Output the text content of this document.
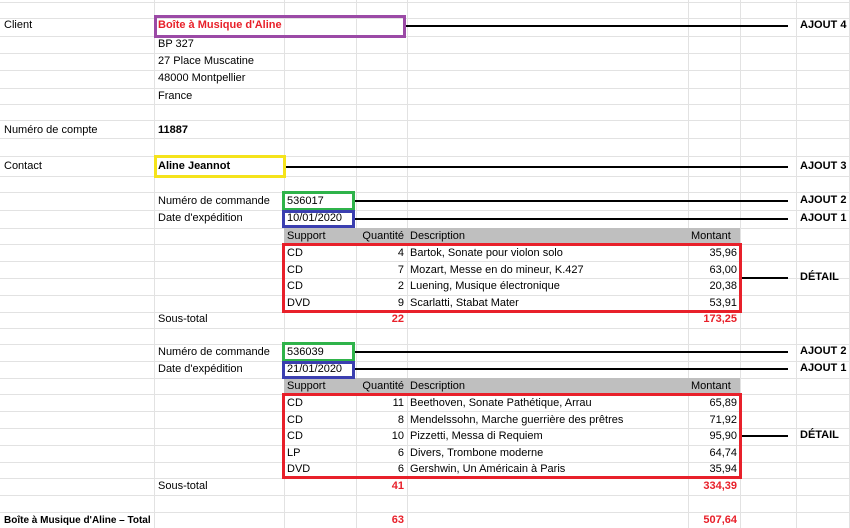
Client	Boîte à Musique d'Aline
BP 327
27 Place Muscatine
48000 Montpellier
France
Numéro de compte	11887
Contact	Aline Jeannot
Numéro de commande 536017
Date d'expédition	10/01/2020
Support	Quantité Description	Montant
CD	4 Bartok, Sonate pour violon solo	35,96
CD	7 Mozart, Messe en do mineur, K.427	63,00
CD	2 Luening, Musique électronique	20,38
DVD	9 Scarlatti, Stabat Mater	53,91
Sous-total	22	173,25
Numéro de commande 536039
Date d'expédition	21/01/2020
Support	Quantité Description	Montant
CD	11 Beethoven, Sonate Pathétique, Arrau	65,89
CD	8 Mendelssohn, Marche guerrière des prêtres	71,92
CD	10 Pizzetti, Messa di Requiem	95,90
LP	6 Divers, Trombone moderne	64,74
DVD	6 Gershwin, Un Américain à Paris	35,94
Sous-total	41	334,39
Boîte à Musique d'Aline – Total	63	507,64
AJOUT 4
AJOUT 3
AJOUT 2
AJOUT 1
DÉTAIL
AJOUT 2
AJOUT 1
DÉTAIL
